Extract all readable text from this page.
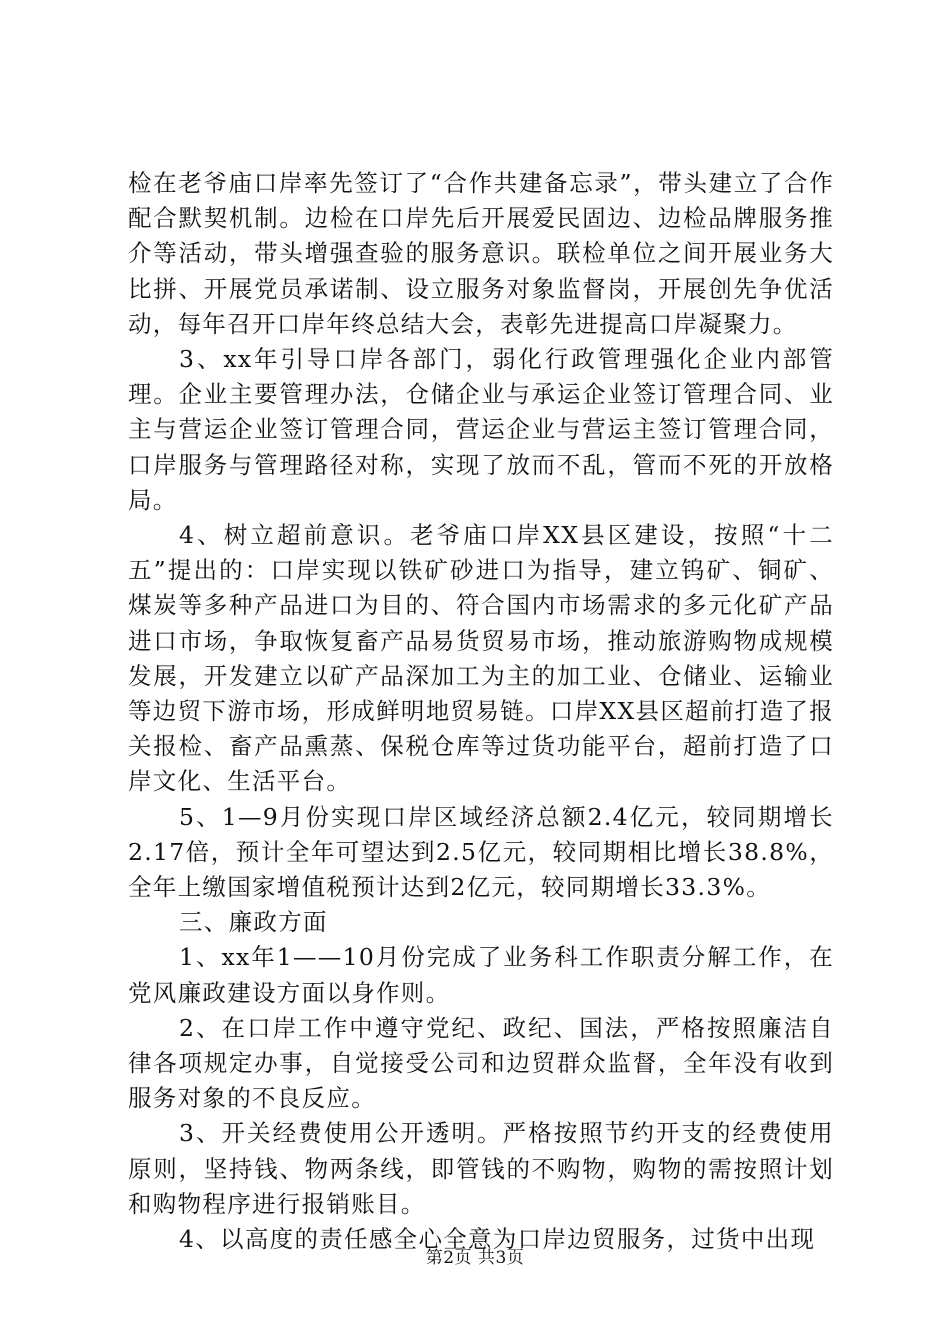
检在老爷庙口岸率先签订了“合作共建备忘录”，带头建立了合作配合默契机制。边检在口岸先后开展爱民固边、边检品牌服务推介等活动，带头增强查验的服务意识。联检单位之间开展业务大比拼、开展党员承诺制、设立服务对象监督岗，开展创先争优活动，每年召开口岸年终总结大会，表彰先进提高口岸凝聚力。

3、xx年引导口岸各部门，弱化行政管理强化企业内部管理。企业主要管理办法，仓储企业与承运企业签订管理合同、业主与营运企业签订管理合同，营运企业与营运主签订管理合同，口岸服务与管理路径对称，实现了放而不乱，管而不死的开放格局。

4、树立超前意识。老爷庙口岸XX县区建设，按照“十二五”提出的：口岸实现以铁矿砂进口为指导，建立钨矿、铜矿、煤炭等多种产品进口为目的、符合国内市场需求的多元化矿产品进口市场，争取恢复畜产品易货贸易市场，推动旅游购物成规模发展，开发建立以矿产品深加工为主的加工业、仓储业、运输业等边贸下游市场，形成鲜明地贸易链。口岸XX县区超前打造了报关报检、畜产品熏蒸、保税仓库等过货功能平台，超前打造了口岸文化、生活平台。

5、1—9月份实现口岸区域经济总额2.4亿元，较同期增长2.17倍，预计全年可望达到2.5亿元，较同期相比增长38.8%，全年上缴国家增值税预计达到2亿元，较同期增长33.3%。

三、廉政方面

1、xx年1——10月份完成了业务科工作职责分解工作，在党风廉政建设方面以身作则。

2、在口岸工作中遵守党纪、政纪、国法，严格按照廉洁自律各项规定办事，自觉接受公司和边贸群众监督，全年没有收到服务对象的不良反应。

3、开关经费使用公开透明。严格按照节约开支的经费使用原则，坚持钱、物两条线，即管钱的不购物，购物的需按照计划和购物程序进行报销账目。

4、以高度的责任感全心全意为口岸边贸服务，过货中出现

第2页 共3页
